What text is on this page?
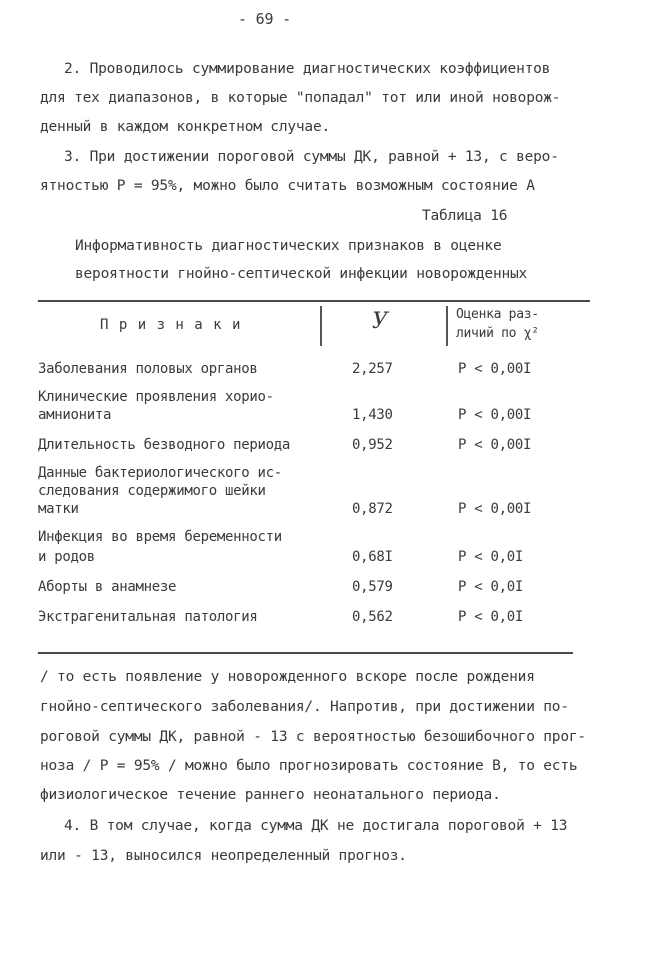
- 69 -
2. Проводилось суммирование диагностических коэффициентов
для тех диапазонов, в которые "попадал" тот или иной новорож-
денный в каждом конкретном случае.
3. При достижении пороговой суммы ДК, равной + 13, с веро-
ятностью Р = 95%, можно было считать возможным состояние А
Таблица 16
Информативность диагностических признаков в оценке
вероятности гнойно-септической инфекции новорожденных
П р и з н а к и	У	Оценка раз-
личий по χ²
Заболевания половых органов	2,257	Р < 0,00I
Клинические проявления хорио-
амнионита	1,430	Р < 0,00I
Длительность безводного периода	0,952	Р < 0,00I
Данные бактериологического ис-
следования содержимого шейки
матки	0,872	Р < 0,00I
Инфекция во время беременности
и родов	0,68I	Р < 0,0I
Аборты в анамнезе	0,579	Р < 0,0I
Экстрагенитальная патология	0,562	Р < 0,0I
/ то есть появление у новорожденного вскоре после рождения
гнойно-септического заболевания/. Напротив, при достижении по-
роговой суммы ДК, равной - 13 с вероятностью безошибочного прог-
ноза / Р = 95% / можно было прогнозировать состояние В, то есть
физиологическое течение раннего неонатального периода.
4. В том случае, когда сумма ДК не достигала пороговой + 13
или - 13, выносился неопределенный прогноз.
